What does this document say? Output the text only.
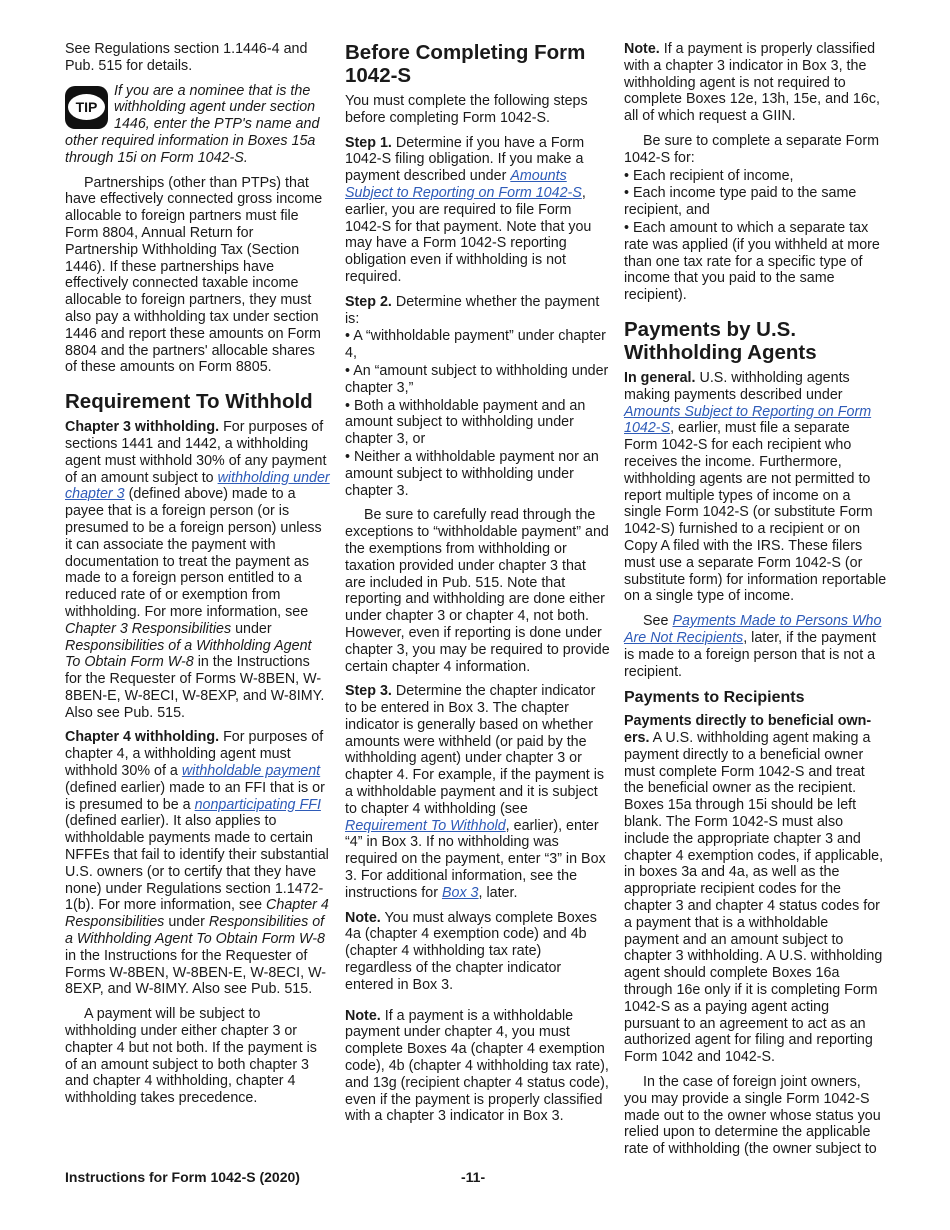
See Regulations section 1.1446-4 and Pub. 515 for details.

TIP
If you are a nominee that is the withholding agent under section 1446, enter the PTP's name and other required information in Boxes 15a through 15i on Form 1042-S.

Partnerships (other than PTPs) that have effectively connected gross income allocable to foreign partners must file Form 8804, Annual Return for Partnership Withholding Tax (Section 1446). If these partnerships have effectively connected taxable income allocable to foreign partners, they must also pay a withholding tax under section 1446 and report these amounts on Form 8804 and the partners' allocable shares of these amounts on Form 8805.

Requirement To Withhold

Chapter 3 withholding. For purposes of sections 1441 and 1442, a withholding agent must withhold 30% of any payment of an amount subject to withholding under chapter 3 (defined above) made to a payee that is a foreign person (or is presumed to be a foreign person) unless it can associate the payment with documentation to treat the payment as made to a foreign person entitled to a reduced rate of or exemption from withholding. For more information, see Chapter 3 Responsibilities under Responsibilities of a Withholding Agent To Obtain Form W-8 in the Instructions for the Requester of Forms W-8BEN, W-8BEN-E, W-8ECI, W-8EXP, and W-8IMY. Also see Pub. 515.

Chapter 4 withholding. For purposes of chapter 4, a withholding agent must withhold 30% of a withholdable payment (defined earlier) made to an FFI that is or is presumed to be a nonparticipating FFI (defined earlier). It also applies to withholdable payments made to certain NFFEs that fail to identify their substantial U.S. owners (or to certify that they have none) under Regulations section 1.1472-1(b). For more information, see Chapter 4 Responsibilities under Responsibilities of a Withholding Agent To Obtain Form W-8 in the Instructions for the Requester of Forms W-8BEN, W-8BEN-E, W-8ECI, W-8EXP, and W-8IMY. Also see Pub. 515.

A payment will be subject to withholding under either chapter 3 or chapter 4 but not both. If the payment is of an amount subject to both chapter 3 and chapter 4 withholding, chapter 4 withholding takes precedence.

Before Completing Form 1042-S

You must complete the following steps before completing Form 1042-S.

Step 1. Determine if you have a Form 1042-S filing obligation. If you make a payment described under Amounts Subject to Reporting on Form 1042-S, earlier, you are required to file Form 1042-S for that payment. Note that you may have a Form 1042-S reporting obligation even if withholding is not required.

Step 2. Determine whether the payment is:

• A “withholdable payment” under chapter 4,
• An “amount subject to withholding under chapter 3,”
• Both a withholdable payment and an amount subject to withholding under chapter 3, or
• Neither a withholdable payment nor an amount subject to withholding under chapter 3.

Be sure to carefully read through the exceptions to “withholdable payment” and the exemptions from withholding or taxation provided under chapter 3 that are included in Pub. 515. Note that reporting and withholding are done either under chapter 3 or chapter 4, not both. However, even if reporting is done under chapter 3, you may be required to provide certain chapter 4 information.

Step 3. Determine the chapter indicator to be entered in Box 3. The chapter indicator is generally based on whether amounts were withheld (or paid by the withholding agent) under chapter 3 or chapter 4. For example, if the payment is a withholdable payment and it is subject to chapter 4 withholding (see Requirement To Withhold, earlier), enter “4” in Box 3. If no withholding was required on the payment, enter “3” in Box 3. For additional information, see the instructions for Box 3, later.

Note. You must always complete Boxes 4a (chapter 4 exemption code) and 4b (chapter 4 withholding tax rate) regardless of the chapter indicator entered in Box 3.

Note. If a payment is a withholdable payment under chapter 4, you must complete Boxes 4a (chapter 4 exemption code), 4b (chapter 4 withholding tax rate), and 13g (recipient chapter 4 status code), even if the payment is properly classified with a chapter 3 indicator in Box 3.

Note. If a payment is properly classified with a chapter 3 indicator in Box 3, the withholding agent is not required to complete Boxes 12e, 13h, 15e, and 16c, all of which request a GIIN.

Be sure to complete a separate Form 1042-S for:

• Each recipient of income,
• Each income type paid to the same recipient, and
• Each amount to which a separate tax rate was applied (if you withheld at more than one tax rate for a specific type of income that you paid to the same recipient).
Payments by U.S. Withholding Agents

In general. U.S. withholding agents making payments described under Amounts Subject to Reporting on Form 1042-S, earlier, must file a separate Form 1042-S for each recipient who receives the income. Furthermore, withholding agents are not permitted to report multiple types of income on a single Form 1042-S (or substitute Form 1042-S) furnished to a recipient or on Copy A filed with the IRS. These filers must use a separate Form 1042-S (or substitute form) for information reportable on a single type of income.

See Payments Made to Persons Who Are Not Recipients, later, if the payment is made to a foreign person that is not a recipient.

Payments to Recipients

Payments directly to beneficial own-ers. A U.S. withholding agent making a payment directly to a beneficial owner must complete Form 1042-S and treat the beneficial owner as the recipient. Boxes 15a through 15i should be left blank. The Form 1042-S must also include the appropriate chapter 3 and chapter 4 exemption codes, if applicable, in boxes 3a and 4a, as well as the appropriate recipient codes for the chapter 3 and chapter 4 status codes for a payment that is a withholdable payment and an amount subject to chapter 3 withholding. A U.S. withholding agent should complete Boxes 16a through 16e only if it is completing Form 1042-S as a paying agent acting pursuant to an agreement to act as an authorized agent for filing and reporting Form 1042 and 1042-S.

In the case of foreign joint owners, you may provide a single Form 1042-S made out to the owner whose status you relied upon to determine the applicable rate of withholding (the owner subject to

Instructions for Form 1042-S (2020)	-11-
